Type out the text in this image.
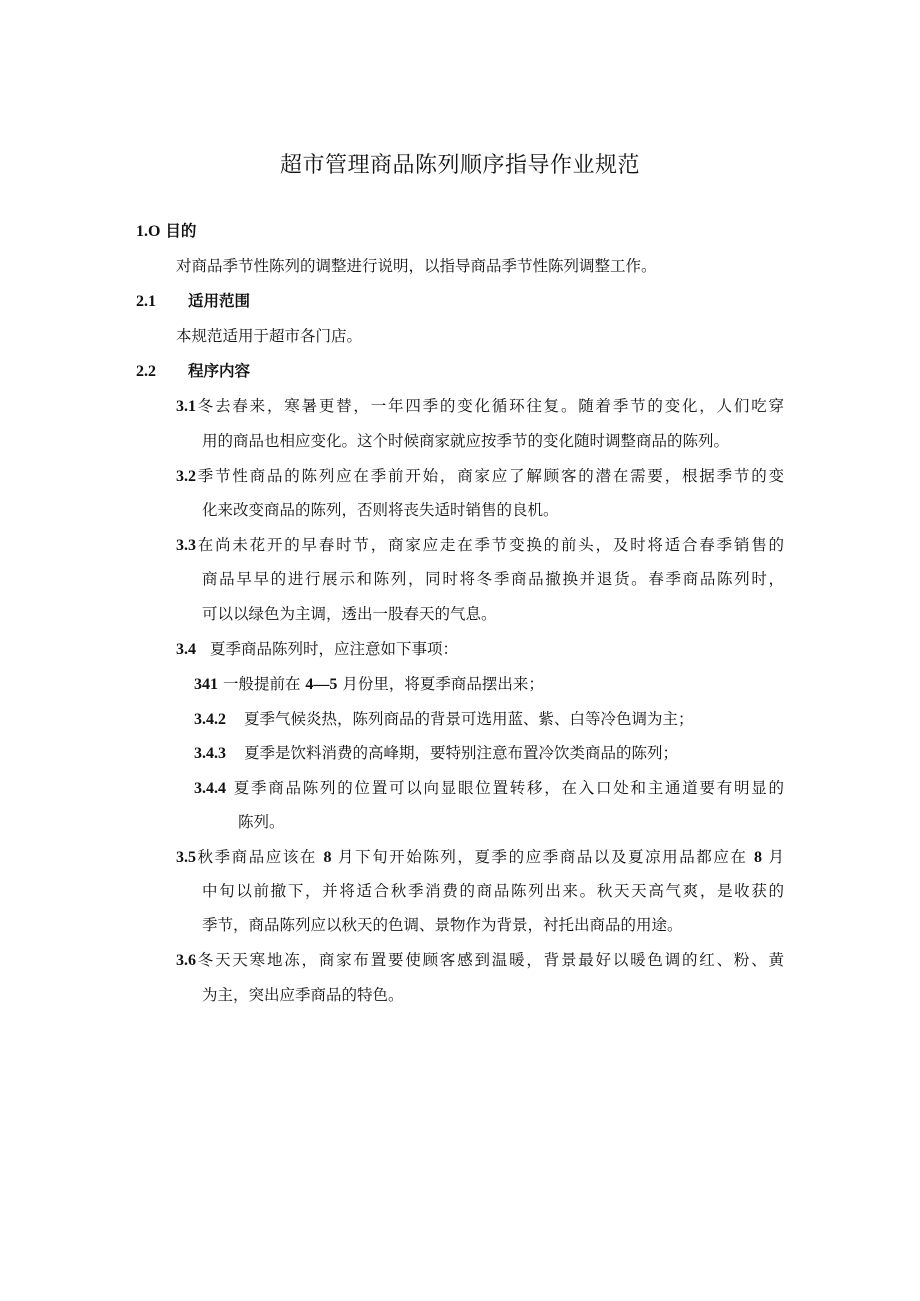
超市管理商品陈列顺序指导作业规范
1.O 目的
对商品季节性陈列的调整进行说明，以指导商品季节性陈列调整工作。
2.1 适用范围
本规范适用于超市各门店。
2.2 程序内容
3.1冬去春来，寒暑更替，一年四季的变化循环往复。随着季节的变化，人们吃穿
用的商品也相应变化。这个时候商家就应按季节的变化随时调整商品的陈列。
3.2季节性商品的陈列应在季前开始，商家应了解顾客的潜在需要，根据季节的变
化来改变商品的陈列，否则将丧失适时销售的良机。
3.3在尚未花开的早春时节，商家应走在季节变换的前头，及时将适合春季销售的
商品早早的进行展示和陈列，同时将冬季商品撤换并退货。春季商品陈列时，
可以以绿色为主调，透出一股春天的气息。
3.4 夏季商品陈列时，应注意如下事项：
341 一般提前在 4—5 月份里，将夏季商品摆出来；
3.4.2 夏季气候炎热，陈列商品的背景可选用蓝、紫、白等冷色调为主；
3.4.3 夏季是饮料消费的高峰期，要特别注意布置冷饮类商品的陈列；
3.4.4 夏季商品陈列的位置可以向显眼位置转移，在入口处和主通道要有明显的
陈列。
3.5秋季商品应该在 8 月下旬开始陈列，夏季的应季商品以及夏凉用品都应在 8 月
中旬以前撤下，并将适合秋季消费的商品陈列出来。秋天天高气爽，是收获的
季节，商品陈列应以秋天的色调、景物作为背景，衬托出商品的用途。
3.6冬天天寒地冻，商家布置要使顾客感到温暖，背景最好以暖色调的红、粉、黄
为主，突出应季商品的特色。
